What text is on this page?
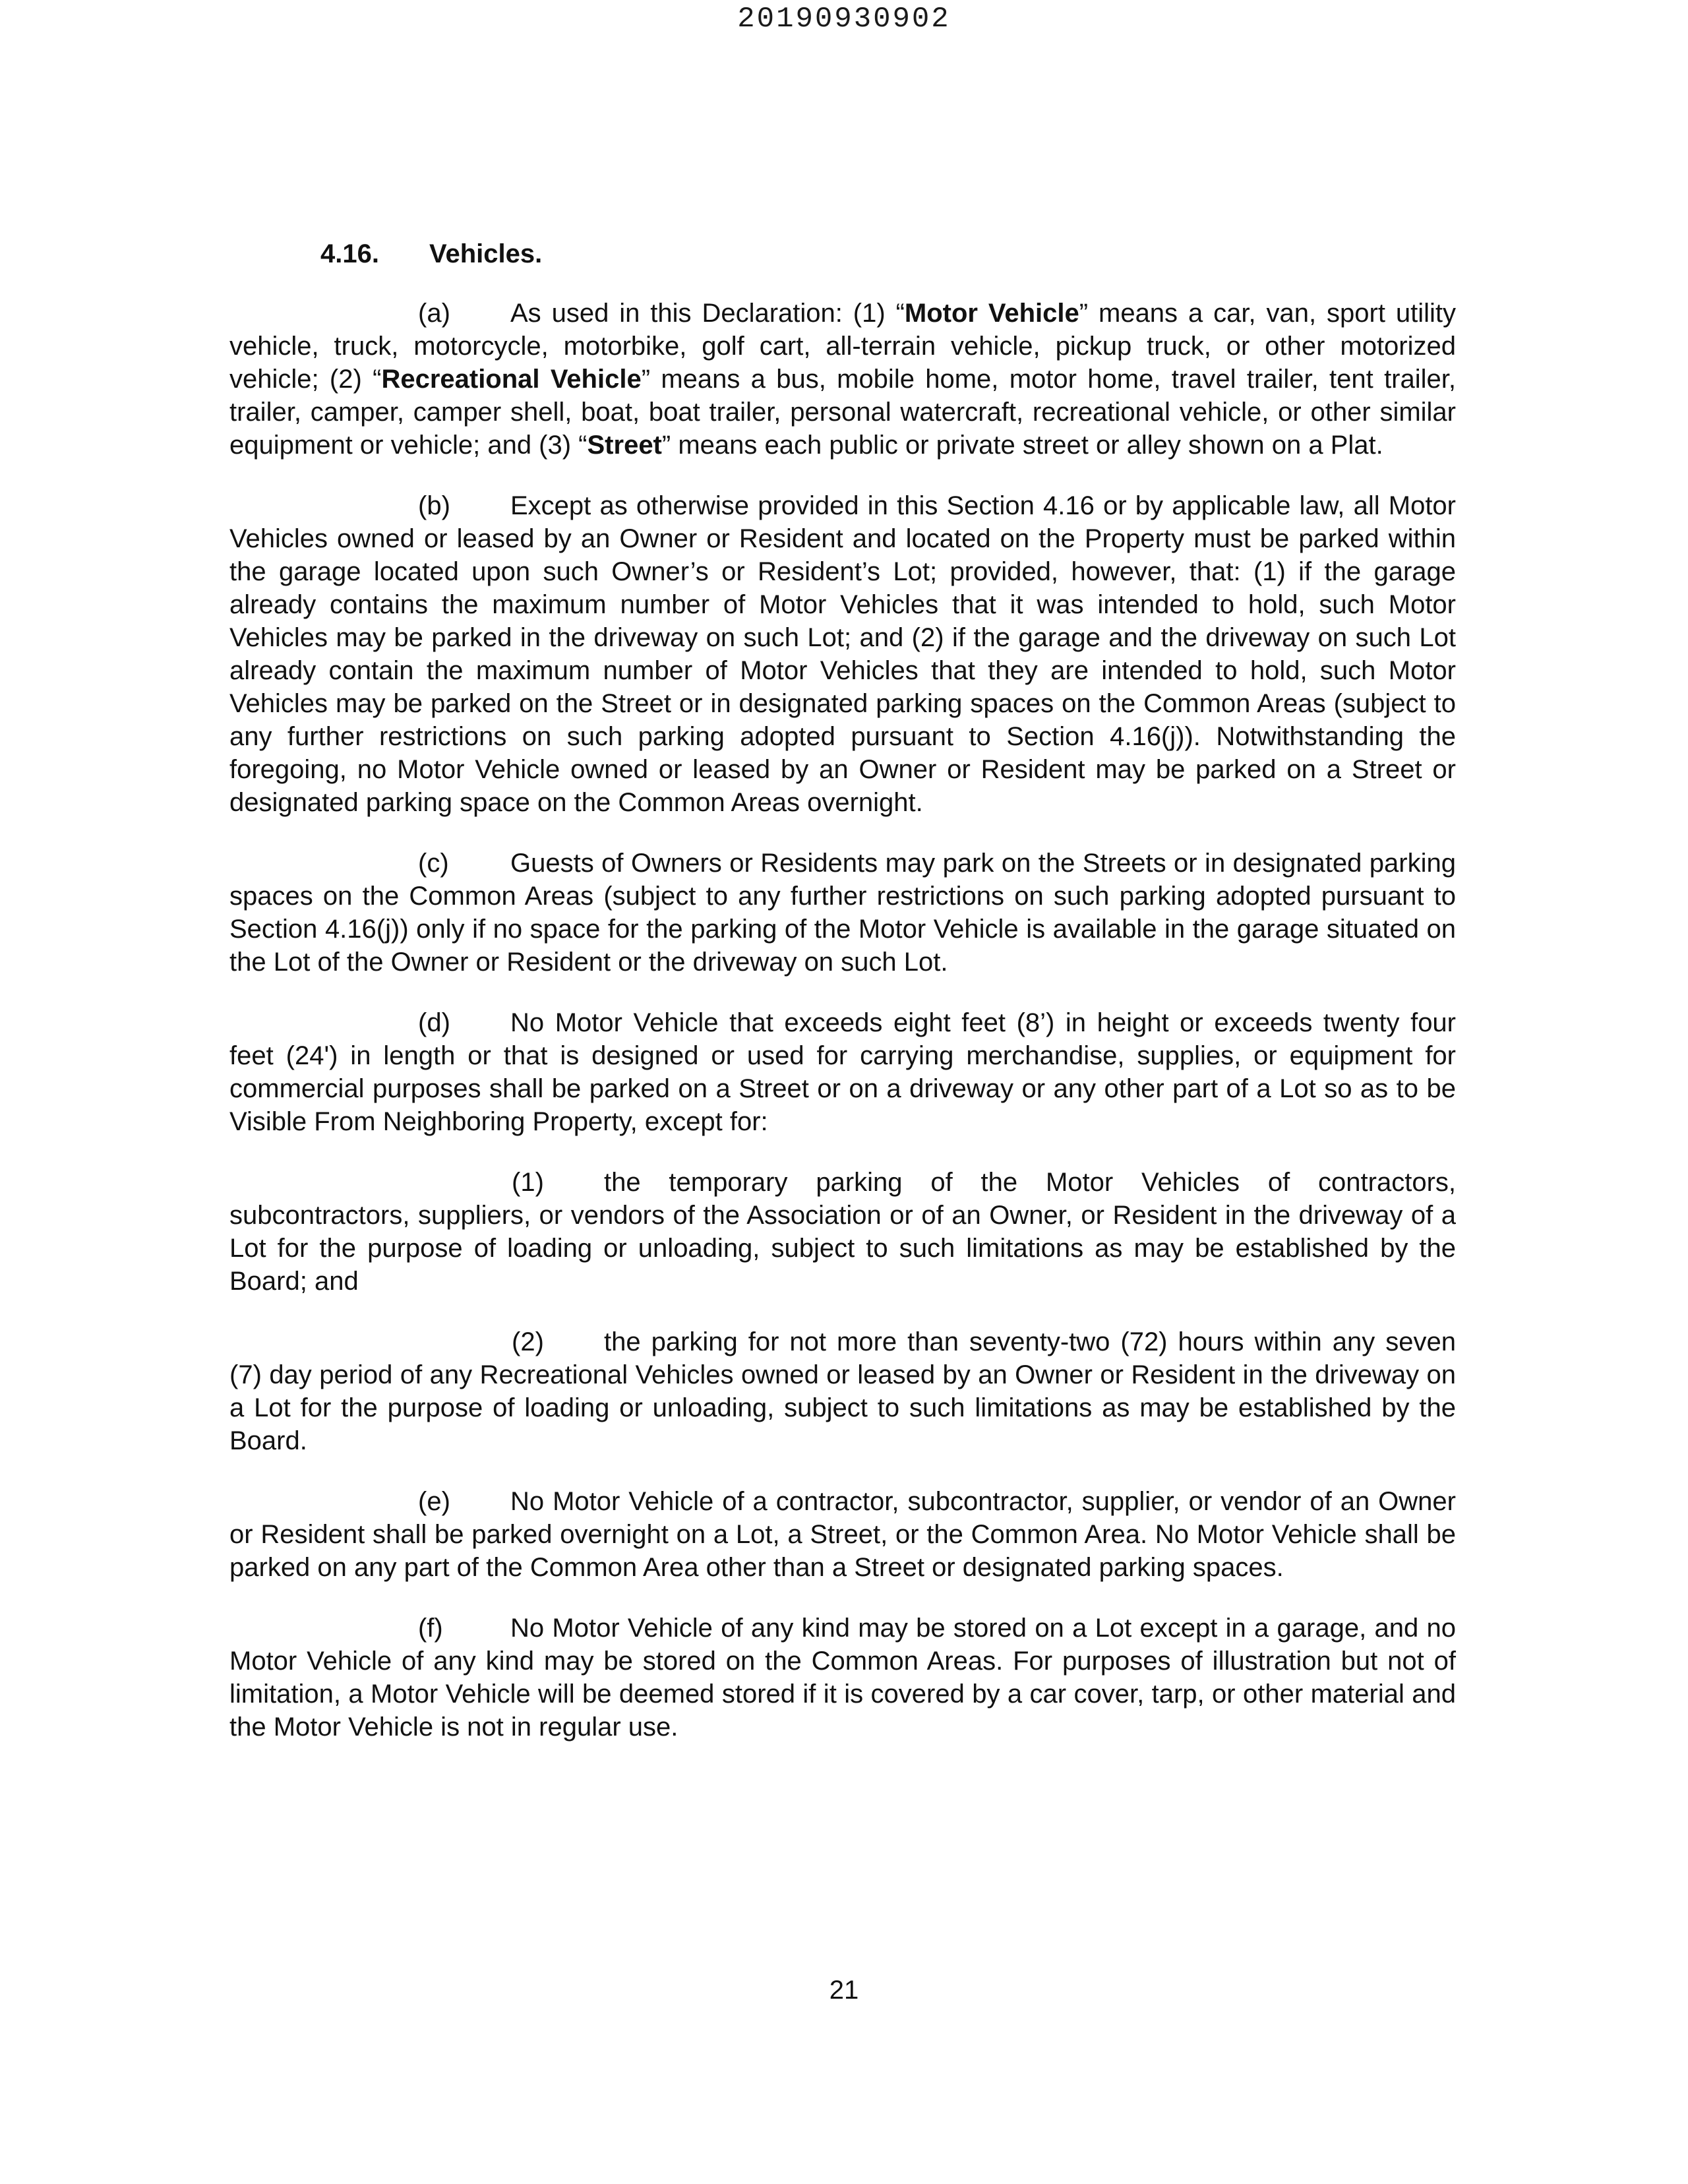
20190930902
4.16. Vehicles.

(a) As used in this Declaration: (1) “Motor Vehicle” means a car, van, sport utility vehicle, truck, motorcycle, motorbike, golf cart, all-terrain vehicle, pickup truck, or other motorized vehicle; (2) “Recreational Vehicle” means a bus, mobile home, motor home, travel trailer, tent trailer, trailer, camper, camper shell, boat, boat trailer, personal watercraft, recreational vehicle, or other similar equipment or vehicle; and (3) “Street” means each public or private street or alley shown on a Plat.

(b) Except as otherwise provided in this Section 4.16 or by applicable law, all Motor Vehicles owned or leased by an Owner or Resident and located on the Property must be parked within the garage located upon such Owner’s or Resident’s Lot; provided, however, that: (1) if the garage already contains the maximum number of Motor Vehicles that it was intended to hold, such Motor Vehicles may be parked in the driveway on such Lot; and (2) if the garage and the driveway on such Lot already contain the maximum number of Motor Vehicles that they are intended to hold, such Motor Vehicles may be parked on the Street or in designated parking spaces on the Common Areas (subject to any further restrictions on such parking adopted pursuant to Section 4.16(j)). Notwithstanding the foregoing, no Motor Vehicle owned or leased by an Owner or Resident may be parked on a Street or designated parking space on the Common Areas overnight.

(c) Guests of Owners or Residents may park on the Streets or in designated parking spaces on the Common Areas (subject to any further restrictions on such parking adopted pursuant to Section 4.16(j)) only if no space for the parking of the Motor Vehicle is available in the garage situated on the Lot of the Owner or Resident or the driveway on such Lot.

(d) No Motor Vehicle that exceeds eight feet (8’) in height or exceeds twenty four feet (24') in length or that is designed or used for carrying merchandise, supplies, or equipment for commercial purposes shall be parked on a Street or on a driveway or any other part of a Lot so as to be Visible From Neighboring Property, except for:

(1) the temporary parking of the Motor Vehicles of contractors, subcontractors, suppliers, or vendors of the Association or of an Owner, or Resident in the driveway of a Lot for the purpose of loading or unloading, subject to such limitations as may be established by the Board; and

(2) the parking for not more than seventy-two (72) hours within any seven (7) day period of any Recreational Vehicles owned or leased by an Owner or Resident in the driveway on a Lot for the purpose of loading or unloading, subject to such limitations as may be established by the Board.

(e) No Motor Vehicle of a contractor, subcontractor, supplier, or vendor of an Owner or Resident shall be parked overnight on a Lot, a Street, or the Common Area. No Motor Vehicle shall be parked on any part of the Common Area other than a Street or designated parking spaces.

(f)	No Motor Vehicle of any kind may be stored on a Lot except in a garage, and no Motor Vehicle of any kind may be stored on the Common Areas. For purposes of illustration but not of limitation, a Motor Vehicle will be deemed stored if it is covered by a car cover, tarp, or other material and the Motor Vehicle is not in regular use.

21
